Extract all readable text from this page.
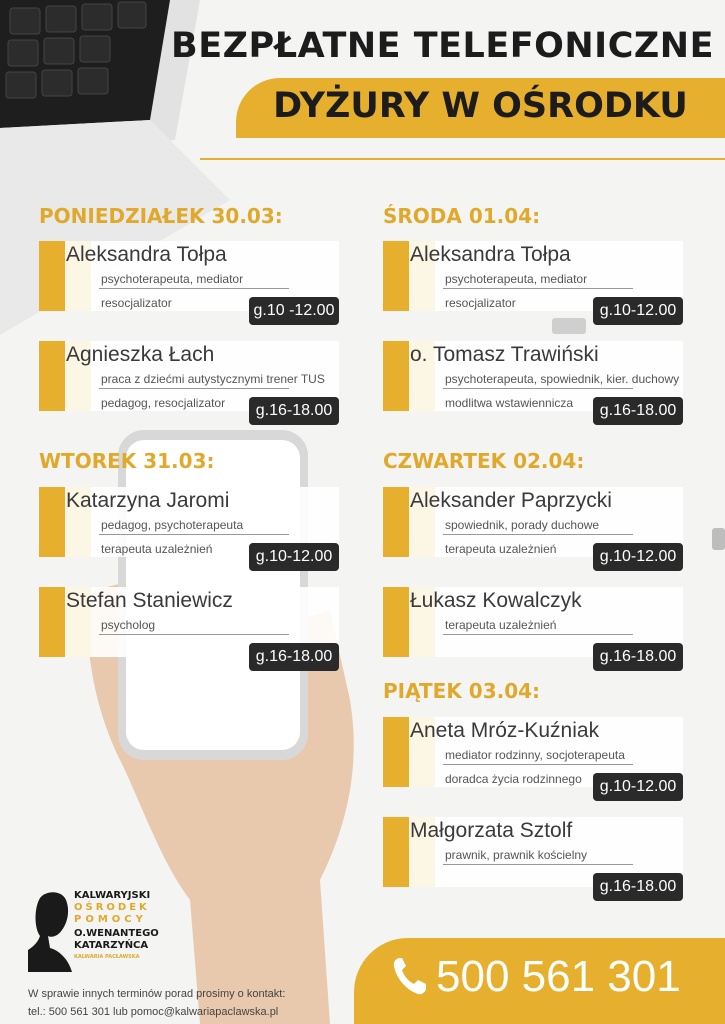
BEZPŁATNE TELEFONICZNE
DYŻURY W OŚRODKU
PONIEDZIAŁEK 30.03:	ŚRODA 01.04:
WTOREK 31.03:	CZWARTEK 02.04:
PIĄTEK 03.04:
Aleksandra Tołpa
psychoterapeuta, mediator
resocjalizator	g.10 -12.00
Agnieszka Łach
praca z dziećmi autystycznymi trener TUS
pedagog, resocjalizator	g.16-18.00
Aleksandra Tołpa
psychoterapeuta, mediator
resocjalizator	g.10-12.00
o. Tomasz Trawiński
psychoterapeuta, spowiednik, kier. duchowy
modlitwa wstawiennicza	g.16-18.00
Katarzyna Jaromi
pedagog, psychoterapeuta
terapeuta uzależnień	g.10-12.00
Stefan Staniewicz
psycholog
g.16-18.00
Aleksander Paprzycki
spowiednik, porady duchowe
terapeuta uzależnień	g.10-12.00
Łukasz Kowalczyk
terapeuta uzależnień
g.16-18.00
Aneta Mróz-Kuźniak
mediator rodzinny, socjoterapeuta
doradca życia rodzinnego	g.10-12.00
Małgorzata Sztolf
prawnik, prawnik kościelny
g.16-18.00
KALWARYJSKI
OŚRODEK
POMOCY
O.WENANTEGO
KATARZYŃCA
KALWARIA PACŁAWSKA
W sprawie innych terminów porad prosimy o kontakt:
tel.: 500 561 301 lub pomoc@kalwariapaclawska.pl
500 561 301
